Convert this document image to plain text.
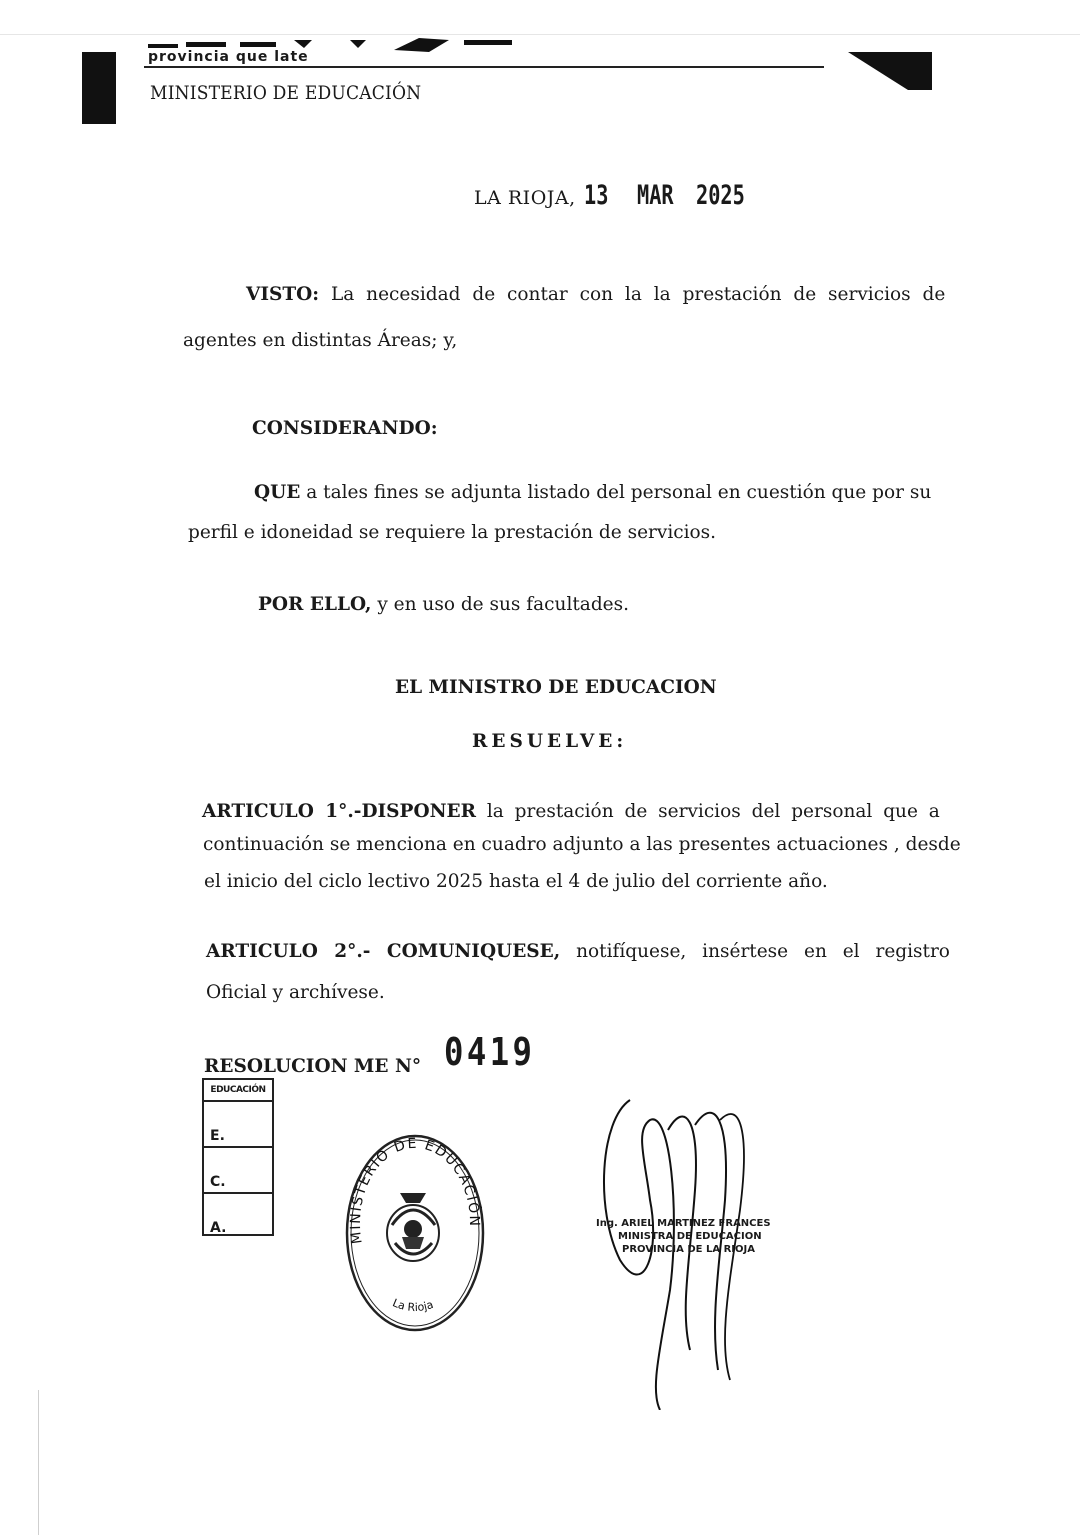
provincia que late
MINISTERIO DE EDUCACIÓN
LA RIOJA, 13 MAR 2025

VISTO: La necesidad de contar con la la prestación de servicios de

agentes en distintas Áreas; y,

CONSIDERANDO:

QUE a tales fines se adjunta listado del personal en cuestión que por su

perfil e idoneidad se requiere la prestación de servicios.

POR ELLO, y en uso de sus facultades.

EL MINISTRO DE EDUCACION

RESUELVE:

ARTICULO 1°.-DISPONER la prestación de servicios del personal que a

continuación se menciona en cuadro adjunto a las presentes actuaciones , desde

el inicio del ciclo lectivo 2025 hasta el 4 de julio del corriente año.

ARTICULO 2°.- COMUNIQUESE, notifíquese, insértese en el registro

Oficial y archívese.

RESOLUCION ME N° 0419
EDUCACIÓN
E.
C.
A.
MINISTERIO DE EDUCACIÓN
La Rioja
Ing. ARIEL MARTINEZ FRANCES
MINISTRA DE EDUCACION
PROVINCIA DE LA RIOJA
